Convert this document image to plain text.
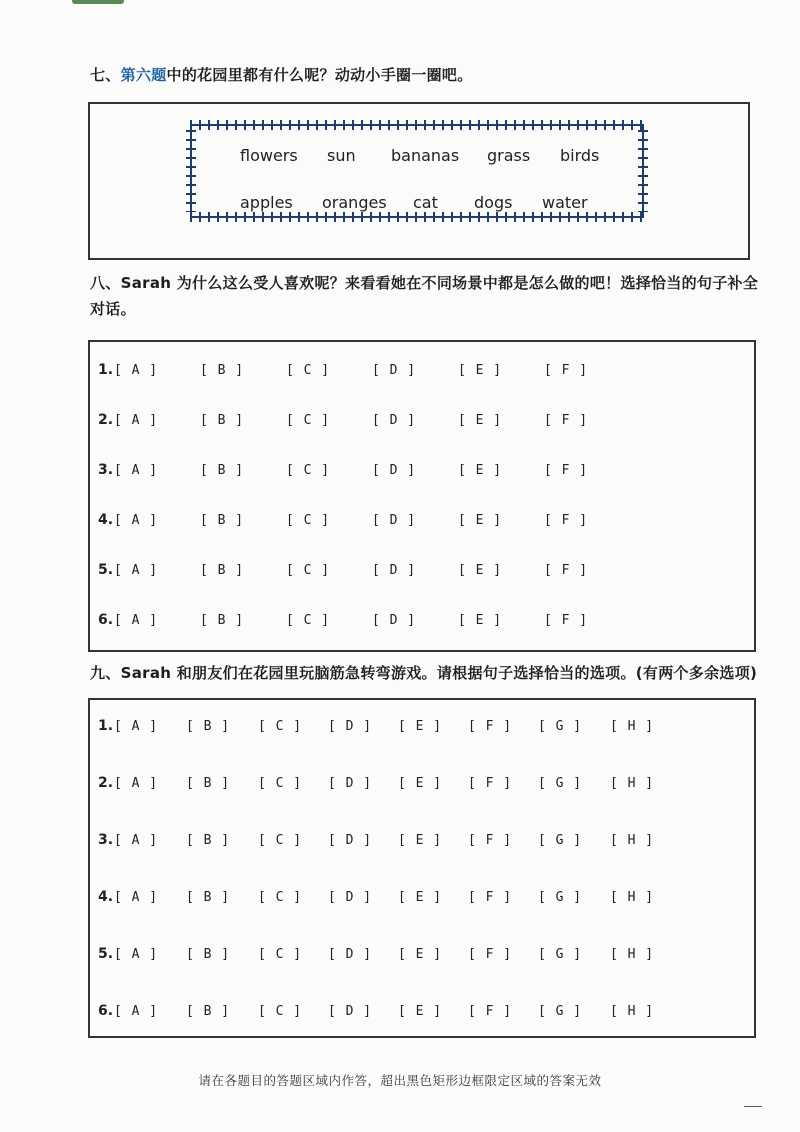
七、第六题中的花园里都有什么呢？动动小手圈一圈吧。
flowers sun bananas grass birds
apples oranges cat dogs water
八、Sarah 为什么这么受人喜欢呢？来看看她在不同场景中都是怎么做的吧！选择恰当的句子补全对话。
1. [ A ]	[ B ]	[ C ]	[ D ]	[ E ]	[ F ]
2. [ A ]	[ B ]	[ C ]	[ D ]	[ E ]	[ F ]
3. [ A ]	[ B ]	[ C ]	[ D ]	[ E ]	[ F ]
4. [ A ]	[ B ]	[ C ]	[ D ]	[ E ]	[ F ]
5. [ A ]	[ B ]	[ C ]	[ D ]	[ E ]	[ F ]
6. [ A ]	[ B ]	[ C ]	[ D ]	[ E ]	[ F ]
九、Sarah 和朋友们在花园里玩脑筋急转弯游戏。请根据句子选择恰当的选项。(有两个多余选项)
1. [ A ] [ B ] [ C ] [ D ] [ E ] [ F ] [ G ] [ H ]
2. [ A ] [ B ] [ C ] [ D ] [ E ] [ F ] [ G ] [ H ]
3. [ A ] [ B ] [ C ] [ D ] [ E ] [ F ] [ G ] [ H ]
4. [ A ] [ B ] [ C ] [ D ] [ E ] [ F ] [ G ] [ H ]
5. [ A ] [ B ] [ C ] [ D ] [ E ] [ F ] [ G ] [ H ]
6. [ A ] [ B ] [ C ] [ D ] [ E ] [ F ] [ G ] [ H ]
请在各题目的答题区域内作答，超出黑色矩形边框限定区域的答案无效
